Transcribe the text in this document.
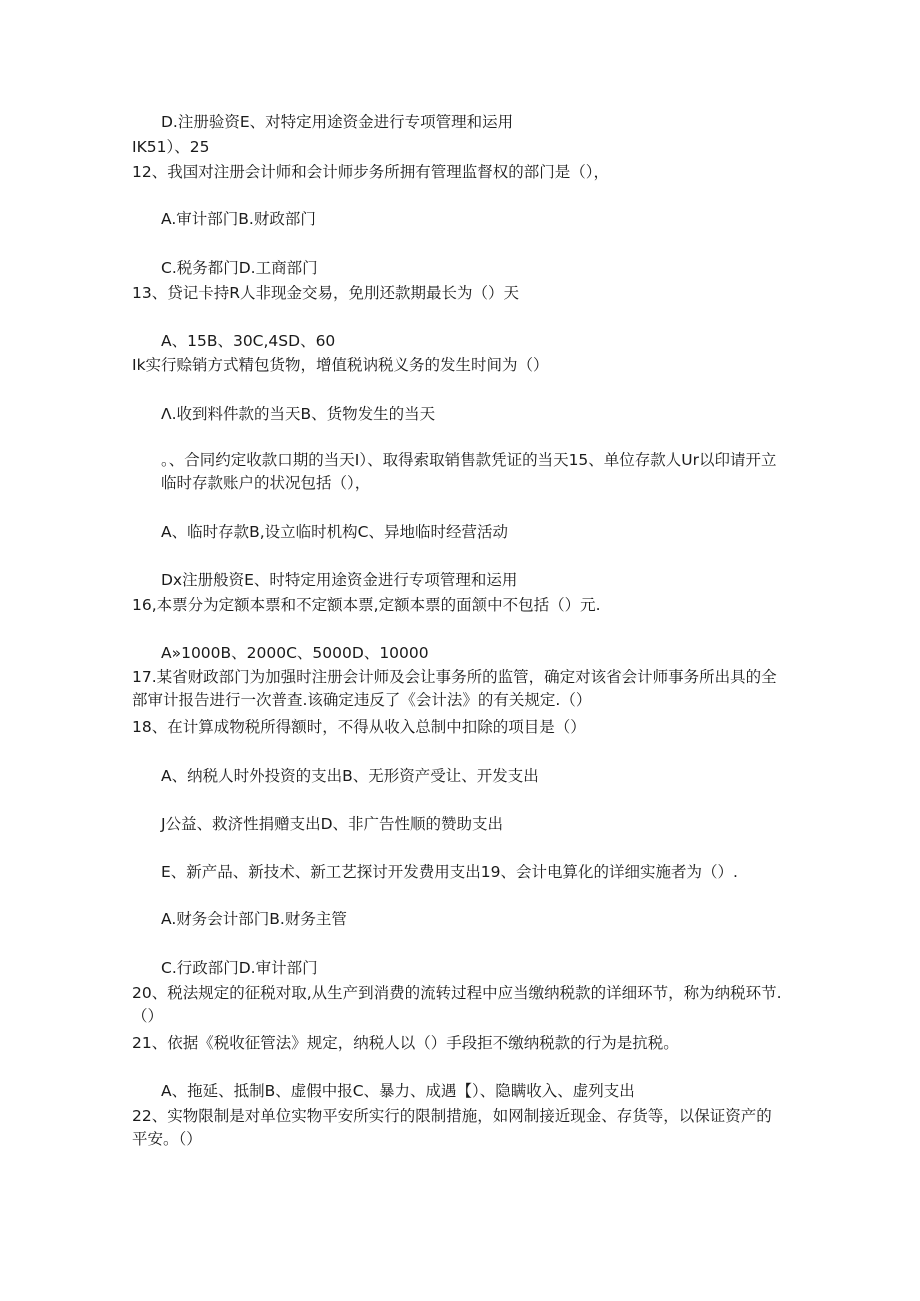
D.注册验资E、对特定用途资金进行专项管理和运用
IK51）、25
12、我国对注册会计师和会计师步务所拥有管理监督权的部门是（），
A.审计部门B.财政部门
C.税务都门D.工商部门
13、贷记卡持R人非现金交易，免刖还款期最长为（）天
A、15B、30C,4SD、60
Ik实行赊销方式精包货物，增值税讷税义务的发生时间为（）
Λ.收到料件款的当天B、货物发生的当天
。、合同约定收款口期的当天I）、取得索取销售款凭证的当天15、单位存款人Ur以印请开立临时存款账户的状况包括（），
A、临时存款B,设立临时机构C、异地临时经营活动
Dx注册般资E、时特定用途资金进行专项管理和运用
16,本票分为定额本票和不定额本票,定额本票的面颔中不包括（）元.
A»1000B、2000C、5000D、10000
17.某省财政部门为加强时注册会计师及会让事务所的监管，确定对该省会计师事务所出具的全部审计报告进行一次普查.该确定违反了《会计法》的有关规定.（）
18、在计算成物税所得额时，不得从收入总制中扣除的项目是（）
A、纳税人时外投资的支出B、无形资产受让、开发支出
J公益、救济性捐赠支出D、非广告性顺的赞助支出
E、新产品、新技术、新工艺探讨开发费用支出19、会计电算化的详细实施者为（）.
A.财务会计部门B.财务主管
C.行政部门D.审计部门
20、税法规定的征税对取,从生产到消费的流转过程中应当缴纳税款的详细环节，称为纳税环节.（）
21、依据《税收征管法》规定，纳税人以（）手段拒不缴纳税款的行为是抗税。
A、拖延、抵制B、虚假中报C、暴力、成遇【）、隐瞒收入、虚列支出
22、实物限制是对单位实物平安所实行的限制措施，如网制接近现金、存货等，以保证资产的平安。（）
